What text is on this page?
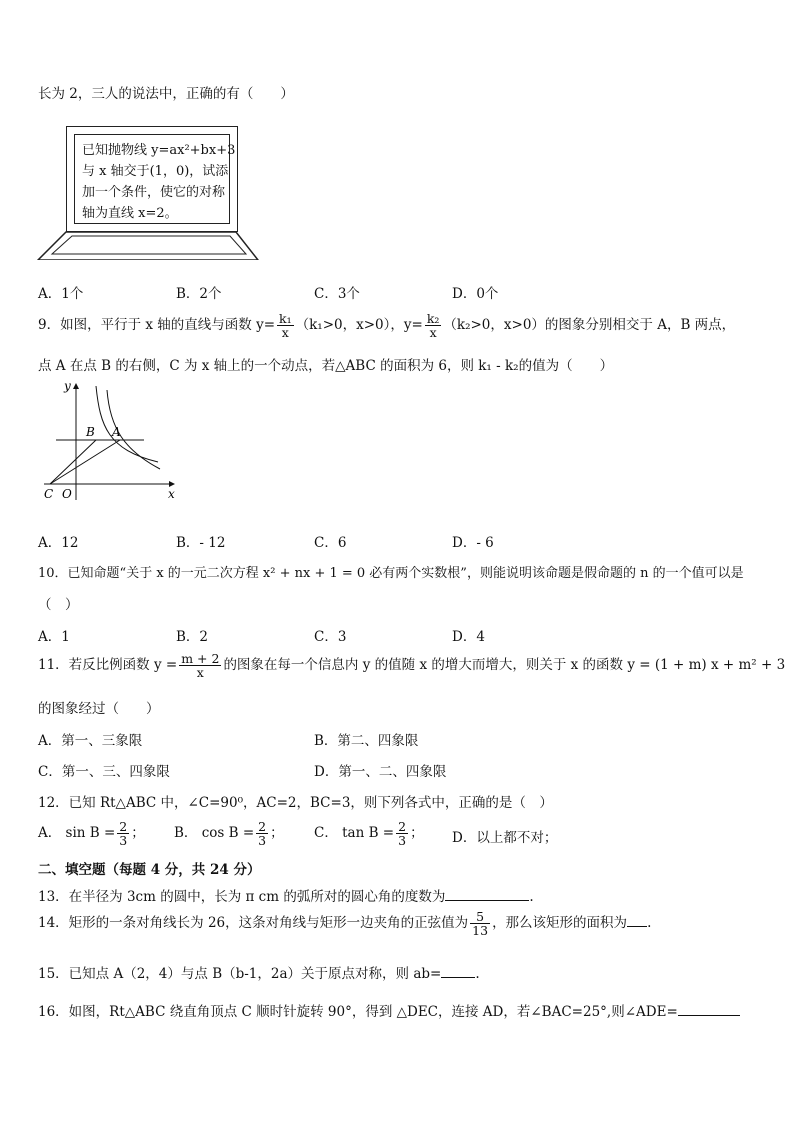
长为 2，三人的说法中，正确的有（　　）
已知抛物线 y=ax²+bx+3
与 x 轴交于(1，0)，试添
加一个条件，使它的对称
轴为直线 x=2。
A．1个	B．2个	C．3个	D．0个
9．如图，平行于 x 轴的直线与函数 $y= \frac{\text{k₁}}{x} (k_1>0$，x>0），$y= \frac{\text{k₂}}{x} (k_2>0$，x>0）的图象分别相交于 A，B 两点，
点 A 在点 B 的右侧，C 为 x 轴上的一个动点，若△ABC 的面积为 6，则 k₁ - k₂的值为（　　）
y
x
B A
C O
A．12	B．- 12	C．6	D．- 6
10．已知命题“关于 x 的一元二次方程 x² + nx + 1 = 0 必有两个实数根”，则能说明该命题是假命题的 n 的一个值可以是
（　）
A．1	B．2	C．3	D．4
11．若反比例函数 $y = \frac{m + 2}{x}$ 的图象在每一个信息内 y 的值随 x 的增大而增大，则关于 x 的函数 y = (1 + m) x + m² + 3
的图象经过（　　）
A．第一、三象限	B．第二、四象限
C．第一、三、四象限	D．第一、二、四象限
12．已知 Rt△ABC 中，∠C=90⁰，AC=2，BC=3，则下列各式中，正确的是（　）
A． $\sin B = \frac{2}{3}$ ； B． $\cos B = \frac{2}{3}$ ； C． $\tan B = \frac{2}{3}$ ； D．以上都不对；
二、填空题（每题 4 分，共 24 分）
13．在半径为 3cm 的圆中，长为 π cm 的弧所对的圆心角的度数为	.
14．矩形的一条对角线长为 26，这条对角线与矩形一边夹角的正弦值为 $\frac{5}{13}$ ，那么该矩形的面积为 .
15．已知点 A（2，4）与点 B（b-1，2a）关于原点对称，则 ab=	.
16．如图，Rt△ABC 绕直角顶点 C 顺时针旋转 90°，得到 △DEC，连接 AD，若∠BAC=25°,则∠ADE=
